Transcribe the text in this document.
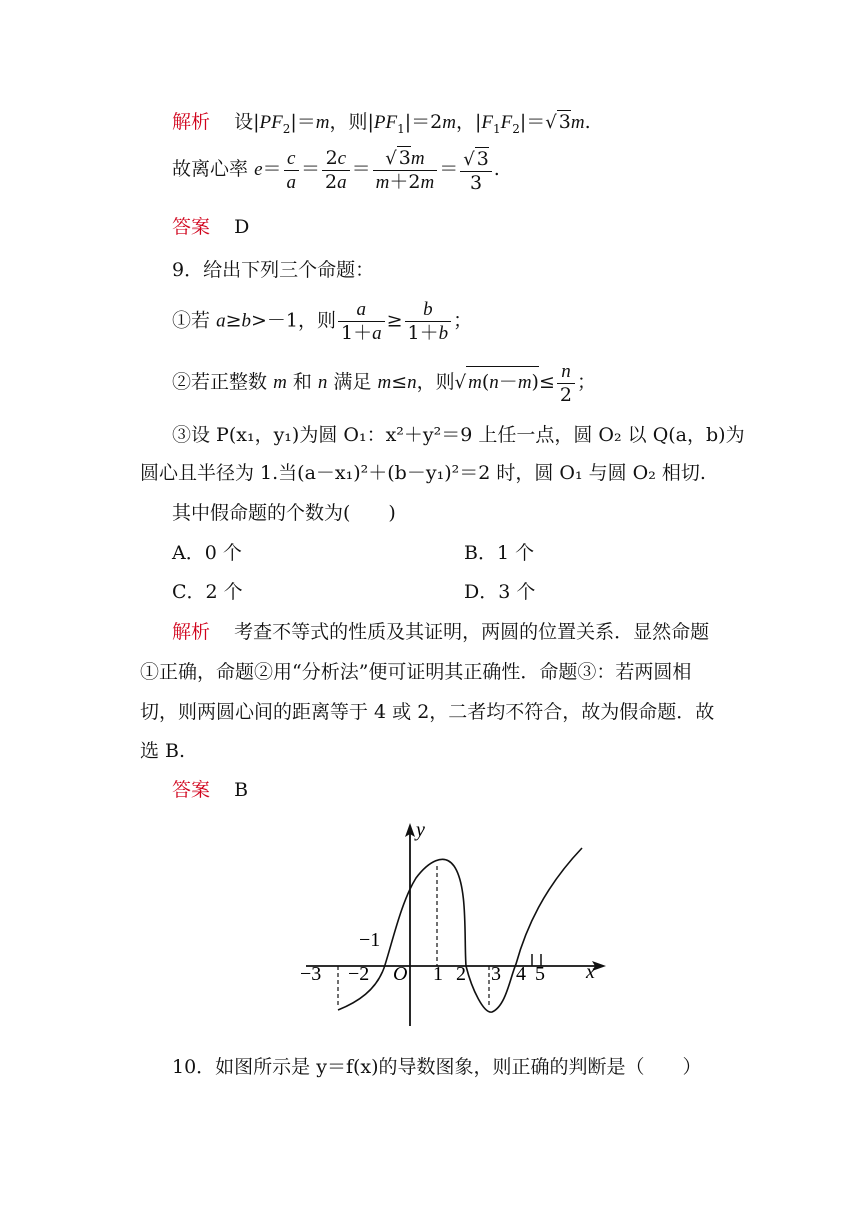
解析 设$|PF_2|=m$，则$|PF_1|=2m$，$|F_1F_2|=√$ 3m.
故离心率 $e= \frac{c}{a} = \frac{2c}{2a} = \frac{√ 3m}{m+2m} = \frac{√ 3}{3}$ .
答案 D
9．给出下列三个命题：
①若 a≥b>－1，则 $\frac{a}{1+a} \ge \frac{b}{1+b}$ ；
②若正整数 m 和 n 满足 m≤n，则√ $m(n-m)\le \frac{n}{2}$ ；
③设 P(x₁，y₁)为圆 O₁：x²＋y²＝9 上任一点，圆 O₂ 以 Q(a，b)为
圆心且半径为 1.当(a－x₁)²＋(b－y₁)²＝2 时，圆 O₁ 与圆 O₂ 相切.
其中假命题的个数为(　　)
A．0 个	B．1 个
C．2 个	D．3 个
解析 考查不等式的性质及其证明，两圆的位置关系．显然命题
①正确，命题②用“分析法”便可证明其正确性．命题③：若两圆相
切，则两圆心间的距离等于 4 或 2，二者均不符合，故为假命题．故
选 B.
答案 B
y
x
O
−3 −2
−1
1 2 3 4 5
10．如图所示是 y＝f(x)的导数图象，则正确的判断是（　　）
